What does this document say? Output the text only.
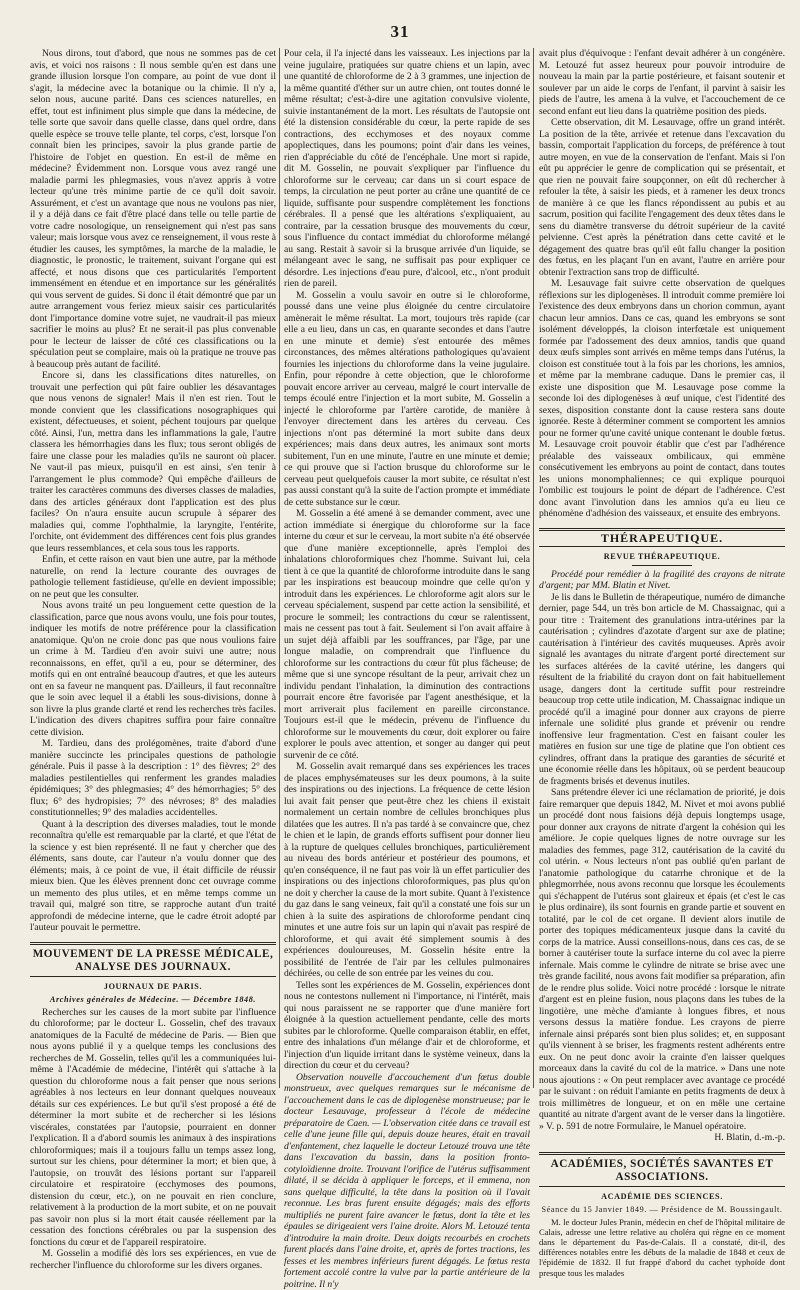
31

Nous dirons, tout d'abord, que nous ne sommes pas de cet avis, et voici nos raisons : Il nous semble qu'en est dans une grande illusion lorsque l'on compare, au point de vue dont il s'agit, la médecine avec la botanique ou la chimie. Il n'y a, selon nous, aucune parité. Dans ces sciences naturelles, en effet, tout est infiniment plus simple que dans la médecine, de telle sorte que savoir dans quelle classe, dans quel ordre, dans quelle espèce se trouve telle plante, tel corps, c'est, lorsque l'on connaît bien les principes, savoir la plus grande partie de l'histoire de l'objet en question. En est-il de même en médecine? Évidemment non. Lorsque vous avez rangé une maladie parmi les phlegmasies, vous n'avez appris à votre lecteur qu'une très minime partie de ce qu'il doit savoir. Assurément, et c'est un avantage que nous ne voulons pas nier, il y a déjà dans ce fait d'être placé dans telle ou telle partie de votre cadre nosologique, un renseignement qui n'est pas sans valeur; mais lorsque vous avez ce renseignement, il vous reste à étudier les causes, les symptômes, la marche de la maladie, le diagnostic, le pronostic, le traitement, suivant l'organe qui est affecté, et nous disons que ces particularités l'emportent immensément en étendue et en importance sur les généralités qui vous servent de guides. Si donc il était démontré que par un autre arrangement vous feriez mieux saisir ces particularités dont l'importance domine votre sujet, ne vaudrait-il pas mieux sacrifier le moins au plus? Et ne serait-il pas plus convenable pour le lecteur de laisser de côté ces classifications ou la spéculation peut se complaire, mais où la pratique ne trouve pas à beaucoup près autant de facilité.

Encore si, dans les classifications dites naturelles, on trouvait une perfection qui pût faire oublier les désavantages que nous venons de signaler! Mais il n'en est rien. Tout le monde convient que les classifications nosographiques qui existent, défectueuses, et soient, péchent toujours par quelque côté. Ainsi, l'un, mettra dans les inflammations la gale, l'autre classera les hémorrhagies dans les flux; tous seront obligés de faire une classe pour les maladies qu'ils ne sauront où placer. Ne vaut-il pas mieux, puisqu'il en est ainsi, s'en tenir à l'arrangement le plus commode? Qui empêche d'ailleurs de traiter les caractères communs des diverses classes de maladies, dans des articles généraux dont l'application est des plus faciles? On n'aura ensuite aucun scrupule à séparer des maladies qui, comme l'ophthalmie, la laryngite, l'entérite, l'orchite, ont évidemment des différences cent fois plus grandes que leurs ressemblances, et cela sous tous les rapports.

Enfin, et cette raison en vaut bien une autre, par la méthode naturelle, on rend la lecture courante des ouvrages de pathologie tellement fastidieuse, qu'elle en devient impossible; on ne peut que les consulter.

Nous avons traité un peu longuement cette question de la classification, parce que nous avons voulu, une fois pour toutes, indiquer les motifs de notre préférence pour la classification anatomique. Qu'on ne croie donc pas que nous voulions faire un crime à M. Tardieu d'en avoir suivi une autre; nous reconnaissons, en effet, qu'il a eu, pour se déterminer, des motifs qui en ont entraîné beaucoup d'autres, et que les auteurs ont en sa faveur ne manquent pas. D'ailleurs, il faut reconnaître que le soin avec lequel il a établi les sous-divisions, donne à son livre la plus grande clarté et rend les recherches très faciles. L'indication des divers chapitres suffira pour faire connaître cette division.

M. Tardieu, dans des prolégomènes, traite d'abord d'une manière succincte les principales questions de pathologie générale. Puis il passe à la description : 1° des fièvres; 2° des maladies pestilentielles qui renferment les grandes maladies épidémiques; 3° des phlegmasies; 4° des hémorrhagies; 5° des flux; 6° des hydropisies; 7° des névroses; 8° des maladies constitutionnelles; 9° des maladies accidentelles.

Quant à la description des diverses maladies, tout le monde reconnaîtra qu'elle est remarquable par la clarté, et que l'état de la science y est bien représenté. Il ne faut y chercher que des éléments, sans doute, car l'auteur n'a voulu donner que des éléments; mais, à ce point de vue, il était difficile de réussir mieux bien. Que les élèves prennent donc cet ouvrage comme un memento des plus utiles, et en même temps comme un travail qui, malgré son titre, se rapproche autant d'un traité approfondi de médecine interne, que le cadre étroit adopté par l'auteur pouvait le permettre.

MOUVEMENT DE LA PRESSE MÉDICALE, ANALYSE DES JOURNAUX.
JOURNAUX DE PARIS.
Archives générales de Médecine. — Décembre 1848.

Recherches sur les causes de la mort subite par l'influence du chloroforme; par le docteur L. Gosselin, chef des travaux anatomiques de la Faculté de médecine de Paris. — Bien que nous ayons publié il y a quelque temps les conclusions des recherches de M. Gosselin, telles qu'il les a communiquées lui-même à l'Académie de médecine, l'intérêt qui s'attache à la question du chloroforme nous a fait penser que nous serions agréables à nos lecteurs en leur donnant quelques nouveaux détails sur ces expériences. Le but qu'il s'est proposé a été de déterminer la mort subite et de rechercher si les lésions viscérales, constatées par l'autopsie, pourraient en donner l'explication. Il a d'abord soumis les animaux à des inspirations chloroformiques; mais il a toujours fallu un temps assez long, surtout sur les chiens, pour déterminer la mort; et bien que, à l'autopsie, on trouvât des lésions portant sur l'appareil circulatoire et respiratoire (ecchymoses des poumons, distension du cœur, etc.), on ne pouvait en rien conclure, relativement à la production de la mort subite, et on ne pouvait pas savoir non plus si la mort était causée réellement par la cessation des fonctions cérébrales ou par la suspension des fonctions du cœur et de l'appareil respiratoire.

M. Gosselin a modifié dès lors ses expériences, en vue de rechercher l'influence du chloroforme sur les divers organes.

Pour cela, il l'a injecté dans les vaisseaux. Les injections par la veine jugulaire, pratiquées sur quatre chiens et un lapin, avec une quantité de chloroforme de 2 à 3 grammes, une injection de la même quantité d'éther sur un autre chien, ont toutes donné le même résultat; c'est-à-dire une agitation convulsive violente, suivie instantanément de la mort. Les résultats de l'autopsie ont été la distension considérable du cœur, la perte rapide de ses contractions, des ecchymoses et des noyaux comme apoplectiques, dans les poumons; point d'air dans les veines, rien d'appréciable du côté de l'encéphale. Une mort si rapide, dit M. Gosselin, ne pouvait s'expliquer par l'influence du chloroforme sur le cerveau; car dans un si court espace de temps, la circulation ne peut porter au crâne une quantité de ce liquide, suffisante pour suspendre complètement les fonctions cérébrales. Il a pensé que les altérations s'expliquaient, au contraire, par la cessation brusque des mouvements du cœur, sous l'influence du contact immédiat du chloroforme mélangé au sang. Restait à savoir si la brusque arrivée d'un liquide, se mélangeant avec le sang, ne suffisait pas pour expliquer ce désordre. Les injections d'eau pure, d'alcool, etc., n'ont produit rien de pareil.

M. Gosselin a voulu savoir en outre si le chloroforme, poussé dans une veine plus éloignée du centre circulatoire amènerait le même résultat. La mort, toujours très rapide (car elle a eu lieu, dans un cas, en quarante secondes et dans l'autre en une minute et demie) s'est entourée des mêmes circonstances, des mêmes altérations pathologiques qu'avaient fournies les injections du chloroforme dans la veine jugulaire. Enfin, pour répondre à cette objection, que le chloroforme pouvait encore arriver au cerveau, malgré le court intervalle de temps écoulé entre l'injection et la mort subite, M. Gosselin a injecté le chloroforme par l'artère carotide, de manière à l'envoyer directement dans les artères du cerveau. Ces injections n'ont pas déterminé la mort subite dans deux expériences; mais dans deux autres, les animaux sont morts subitement, l'un en une minute, l'autre en une minute et demie; ce qui prouve que si l'action brusque du chloroforme sur le cerveau peut quelquefois causer la mort subite, ce résultat n'est pas aussi constant qu'à la suite de l'action prompte et immédiate de cette substance sur le cœur.

M. Gosselin a été amené à se demander comment, avec une action immédiate si énergique du chloroforme sur la face interne du cœur et sur le cerveau, la mort subite n'a été observée que d'une manière exceptionnelle, après l'emploi des inhalations chloroformiques chez l'homme. Suivant lui, cela tient à ce que la quantité de chloroforme introduite dans le sang par les inspirations est beaucoup moindre que celle qu'on y introduit dans les expériences. Le chloroforme agit alors sur le cerveau spécialement, suspend par cette action la sensibilité, et procure le sommeil; les contractions du cœur se ralentissent, mais ne cessent pas tout à fait. Seulement si l'on avait affaire à un sujet déjà affaibli par les souffrances, par l'âge, par une longue maladie, on comprendrait que l'influence du chloroforme sur les contractions du cœur fût plus fâcheuse; de même que si une syncope résultant de la peur, arrivait chez un individu pendant l'inhalation, la diminution des contractions pourrait encore être favorisée par l'agent anesthésique, et la mort arriverait plus facilement en pareille circonstance. Toujours est-il que le médecin, prévenu de l'influence du chloroforme sur le mouvements du cœur, doit explorer ou faire explorer le pouls avec attention, et songer au danger qui peut survenir de ce côté.

M. Gosselin avait remarqué dans ses expériences les traces de places emphysémateuses sur les deux poumons, à la suite des inspirations ou des injections. La fréquence de cette lésion lui avait fait penser que peut-être chez les chiens il existait normalement un certain nombre de cellules bronchiques plus dilatées que les autres. Il n'a pas tardé à se convaincre que, chez le chien et le lapin, de grands efforts suffisent pour donner lieu à la rupture de quelques cellules bronchiques, particulièrement au niveau des bords antérieur et postérieur des poumons, et qu'en conséquence, il ne faut pas voir là un effet particulier des inspirations ou des injections chloroformiques, pas plus qu'on ne doit y chercher la cause de la mort subite. Quant à l'existence du gaz dans le sang veineux, fait qu'il a constaté une fois sur un chien à la suite des aspirations de chloroforme pendant cinq minutes et une autre fois sur un lapin qui n'avait pas respiré de chloroforme, et qui avait été simplement soumis à des expériences douloureuses, M. Gosselin hésite entre la possibilité de l'entrée de l'air par les cellules pulmonaires déchirées, ou celle de son entrée par les veines du cou.

Telles sont les expériences de M. Gosselin, expériences dont nous ne contestons nullement ni l'importance, ni l'intérêt, mais qui nous paraissent ne se rapporter que d'une manière fort éloignée à la question actuellement pendante, celle des morts subites par le chloroforme. Quelle comparaison établir, en effet, entre des inhalations d'un mélange d'air et de chloroforme, et l'injection d'un liquide irritant dans le système veineux, dans la direction du cœur et du cerveau?

Observation nouvelle d'accouchement d'un fœtus double monstrueux, avec quelques remarques sur le mécanisme de l'accouchement dans le cas de diplogenèse monstrueuse; par le docteur Lesauvage, professeur à l'école de médecine préparatoire de Caen. — L'observation citée dans ce travail est celle d'une jeune fille qui, depuis douze heures, était en travail d'enfantement, chez laquelle le docteur Letouzé trouva une tête dans l'excavation du bassin, dans la position fronto-cotyloïdienne droite. Trouvant l'orifice de l'utérus suffisamment dilaté, il se décida à appliquer le forceps, et il emmena, non sans quelque difficulté, la tête dans la position où il l'avait reconnue. Les bras furent ensuite dégagés; mais des efforts multipliés ne purent faire avancer le fœtus, dont la tête et les épaules se dirigeaient vers l'aine droite. Alors M. Letouzé tenta d'introduire la main droite. Deux doigts recourbés en crochets furent placés dans l'aine droite, et, après de fortes tractions, les fesses et les membres inférieurs furent dégagés. Le fœtus resta fortement accolé contre la vulve par la partie antérieure de la poitrine. Il n'y

avait plus d'équivoque : l'enfant devait adhérer à un congénère. M. Letouzé fut assez heureux pour pouvoir introduire de nouveau la main par la partie postérieure, et faisant soutenir et soulever par un aide le corps de l'enfant, il parvint à saisir les pieds de l'autre, les amena à la vulve, et l'accouchement de ce second enfant eut lieu dans la quatrième position des pieds.

Cette observation, dit M. Lesauvage, offre un grand intérêt. La position de la tête, arrivée et retenue dans l'excavation du bassin, comportait l'application du forceps, de préférence à tout autre moyen, en vue de la conservation de l'enfant. Mais si l'on eût pu apprécier le genre de complication qui se présentait, et que rien ne pouvait faire soupçonner, on eût dû rechercher à refouler la tête, à saisir les pieds, et à ramener les deux troncs de manière à ce que les flancs répondissent au pubis et au sacrum, position qui facilite l'engagement des deux têtes dans le sens du diamètre transverse du détroit supérieur de la cavité pelvienne. C'est après la pénétration dans cette cavité et le dégagement des quatre bras qu'il eût fallu changer la position des fœtus, en les plaçant l'un en avant, l'autre en arrière pour obtenir l'extraction sans trop de difficulté.

M. Lesauvage fait suivre cette observation de quelques réflexions sur les diplogenèses. Il introduit comme première loi l'existence des deux embryons dans un chorion commun, ayant chacun leur amnios. Dans ce cas, quand les embryons se sont isolément développés, la cloison interfœtale est uniquement formée par l'adossement des deux amnios, tandis que quand deux œufs simples sont arrivés en même temps dans l'utérus, la cloison est constituée tout à la fois par les chorions, les amnios, et même par la membrane caduque. Dans le premier cas, il existe une disposition que M. Lesauvage pose comme la seconde loi des diplogenèses à œuf unique, c'est l'identité des sexes, disposition constante dont la cause restera sans doute ignorée. Reste à déterminer comment se comportent les amnios pour ne former qu'une cavité unique contenant le double fœtus. M. Lesauvage croit pouvoir établir que c'est par l'adhérence préalable des vaisseaux ombilicaux, qui emmène consécutivement les embryons au point de contact, dans toutes les unions monomphaliennes; ce qui explique pourquoi l'ombilic est toujours le point de départ de l'adhérence. C'est donc avant l'involution dans les amnios qu'a eu lieu ce phénomène d'adhésion des vaisseaux, et ensuite des embryons.

THÉRAPEUTIQUE.
REVUE THÉRAPEUTIQUE.

Procédé pour remédier à la fragilité des crayons de nitrate d'argent; par MM. Blatin et Nivet.

Je lis dans le Bulletin de thérapeutique, numéro de dimanche dernier, page 544, un très bon article de M. Chassaignac, qui a pour titre : Traitement des granulations intra-utérines par la cautérisation ; cylindres d'azotate d'argent sur axe de platine; cautérisation à l'intérieur des cavités muqueuses. Après avoir signalé les avantages du nitrate d'argent porté directement sur les surfaces altérées de la cavité utérine, les dangers qui résultent de la friabilité du crayon dont on fait habituellement usage, dangers dont la certitude suffit pour restreindre beaucoup trop cette utile indication, M. Chassaignac indique un procédé qu'il a imaginé pour donner aux crayons de pierre infernale une solidité plus grande et prévenir ou rendre inoffensive leur fragmentation. C'est en faisant couler les matières en fusion sur une tige de platine que l'on obtient ces cylindres, offrant dans la pratique des garanties de sécurité et une économie réelle dans les hôpitaux, où se perdent beaucoup de fragments brisés et devenus inutiles.

Sans prétendre élever ici une réclamation de priorité, je dois faire remarquer que depuis 1842, M. Nivet et moi avons publié un procédé dont nous faisions déjà depuis longtemps usage, pour donner aux crayons de nitrate d'argent la cohésion qui les améliore. Je copie quelques lignes de notre ouvrage sur les maladies des femmes, page 312, cautérisation de la cavité du col utérin. « Nous lecteurs n'ont pas oublié qu'en parlant de l'anatomie pathologique du catarrhe chronique et de la phlegmorrhée, nous avons reconnu que lorsque les écoulements qui s'échappent de l'utérus sont glaireux et épais (et c'est le cas le plus ordinaire), ils sont fournis en grande partie et souvent en totalité, par le col de cet organe. Il devient alors inutile de porter des topiques médicamenteux jusque dans la cavité du corps de la matrice. Aussi conseillons-nous, dans ces cas, de se borner à cautériser toute la surface interne du col avec la pierre infernale. Mais comme le cylindre de nitrate se brise avec une très grande facilité, nous avons fait modifier sa préparation, afin de le rendre plus solide. Voici notre procédé : lorsque le nitrate d'argent est en pleine fusion, nous plaçons dans les tubes de la lingotière, une mèche d'amiante à longues fibres, et nous versons dessus la matière fondue. Les crayons de pierre infernale ainsi préparés sont bien plus solides; et, en supposant qu'ils viennent à se briser, les fragments restent adhérents entre eux. On ne peut donc avoir la crainte d'en laisser quelques morceaux dans la cavité du col de la matrice. » Dans une note nous ajoutions : « On peut remplacer avec avantage ce procédé par le suivant : on réduit l'amiante en petits fragments de deux à trois millimètres de longueur, et on en mêle une certaine quantité au nitrate d'argent avant de le verser dans la lingotière. » V. p. 591 de notre Formulaire, le Manuel opératoire.

H. Blatin, d.-m.-p.
ACADÉMIES, SOCIÉTÉS SAVANTES ET ASSOCIATIONS.
ACADÉMIE DES SCIENCES.
Séance du 15 Janvier 1849. — Présidence de M. Boussingault.

M. le docteur Jules Pranin, médecin en chef de l'hôpital militaire de Calais, adresse une lettre relative au choléra qui règne en ce moment dans le département du Pas-de-Calais. Il a constaté, dit-il, des différences notables entre les débuts de la maladie de 1848 et ceux de l'épidémie de 1832. Il fut frappé d'abord du cachet typhoïde dont presque tous les malades
